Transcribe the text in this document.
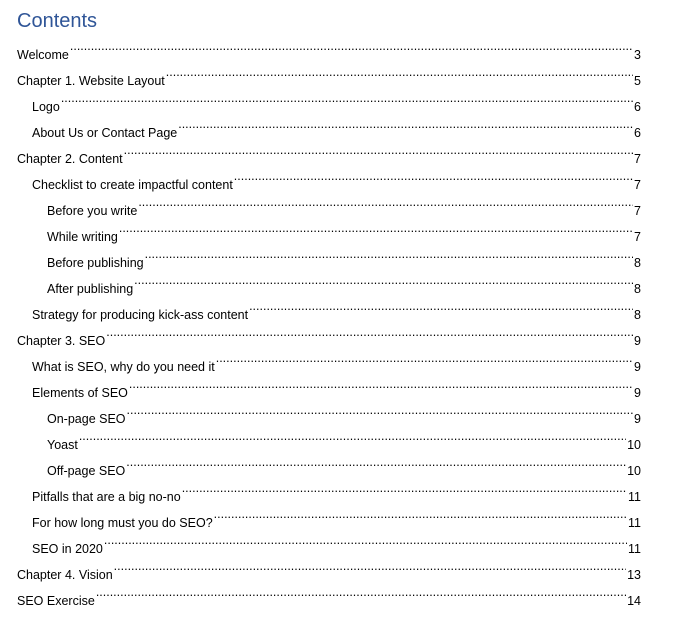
Contents
Welcome .....	3
Chapter 1. Website Layout .....	5
Logo .....	6
About Us or Contact Page .....	6
Chapter 2. Content .....	7
Checklist to create impactful content .....	7
Before you write .....	7
While writing .....	7
Before publishing .....	8
After publishing .....	8
Strategy for producing kick-ass content .....	8
Chapter 3. SEO .....	9
What is SEO, why do you need it .....	9
Elements of SEO .....	9
On-page SEO .....	9
Yoast .....	10
Off-page SEO .....	10
Pitfalls that are a big no-no .....	11
For how long must you do SEO? .....	11
SEO in 2020 .....	11
Chapter 4. Vision .....	13
SEO Exercise .....	14
